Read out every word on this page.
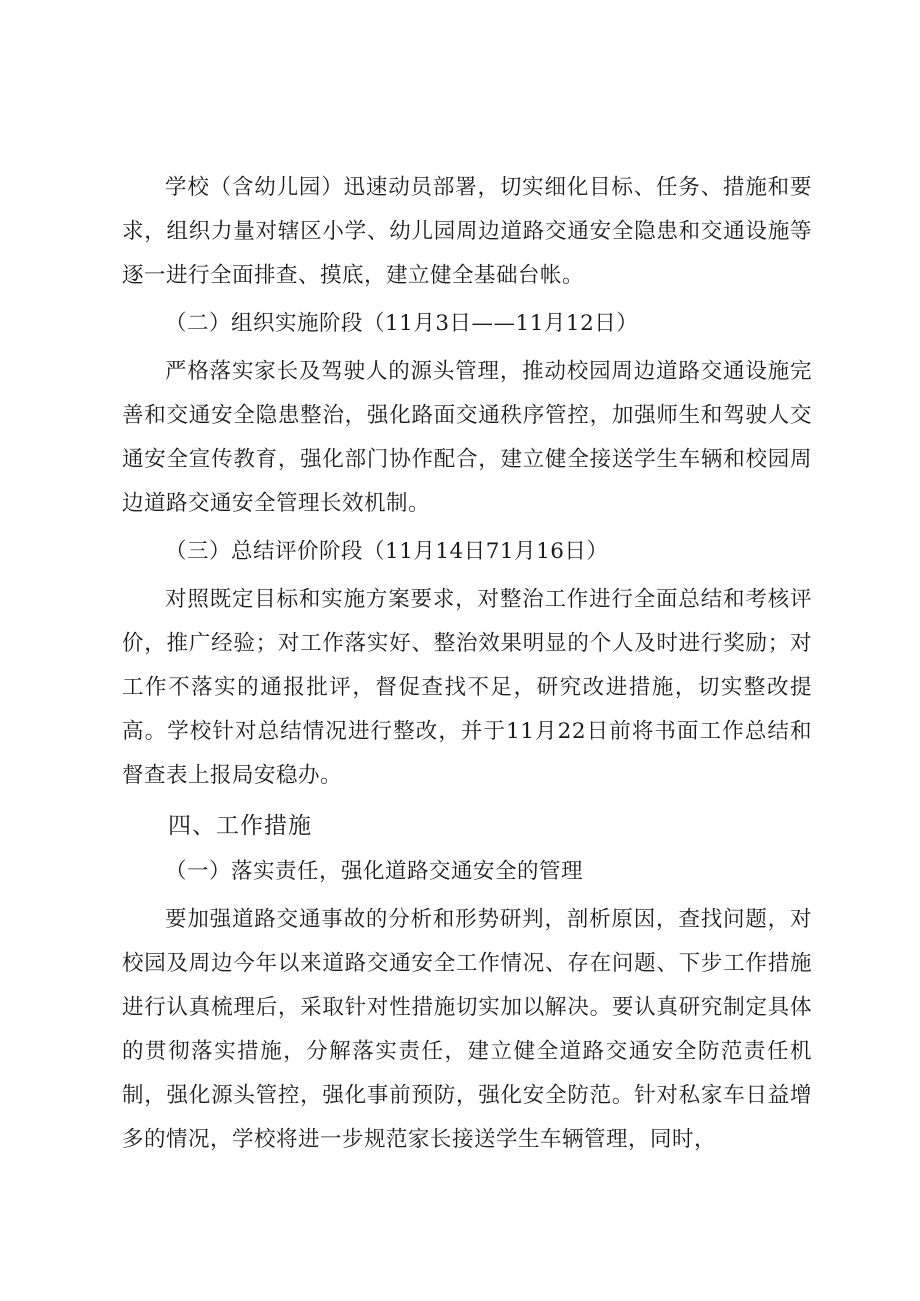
学校（含幼儿园）迅速动员部署，切实细化目标、任务、措施和要求，组织力量对辖区小学、幼儿园周边道路交通安全隐患和交通设施等逐一进行全面排查、摸底，建立健全基础台帐。

（二）组织实施阶段（11月3日——11月12日）

严格落实家长及驾驶人的源头管理，推动校园周边道路交通设施完善和交通安全隐患整治，强化路面交通秩序管控，加强师生和驾驶人交通安全宣传教育，强化部门协作配合，建立健全接送学生车辆和校园周边道路交通安全管理长效机制。

（三）总结评价阶段（11月14日71月16日）

对照既定目标和实施方案要求，对整治工作进行全面总结和考核评价，推广经验；对工作落实好、整治效果明显的个人及时进行奖励；对工作不落实的通报批评，督促查找不足，研究改进措施，切实整改提高。学校针对总结情况进行整改，并于11月22日前将书面工作总结和督查表上报局安稳办。

四、工作措施

（一）落实责任，强化道路交通安全的管理

要加强道路交通事故的分析和形势研判，剖析原因，查找问题，对校园及周边今年以来道路交通安全工作情况、存在问题、下步工作措施进行认真梳理后，采取针对性措施切实加以解决。要认真研究制定具体的贯彻落实措施，分解落实责任，建立健全道路交通安全防范责任机制，强化源头管控，强化事前预防，强化安全防范。针对私家车日益增多的情况，学校将进一步规范家长接送学生车辆管理，同时，
